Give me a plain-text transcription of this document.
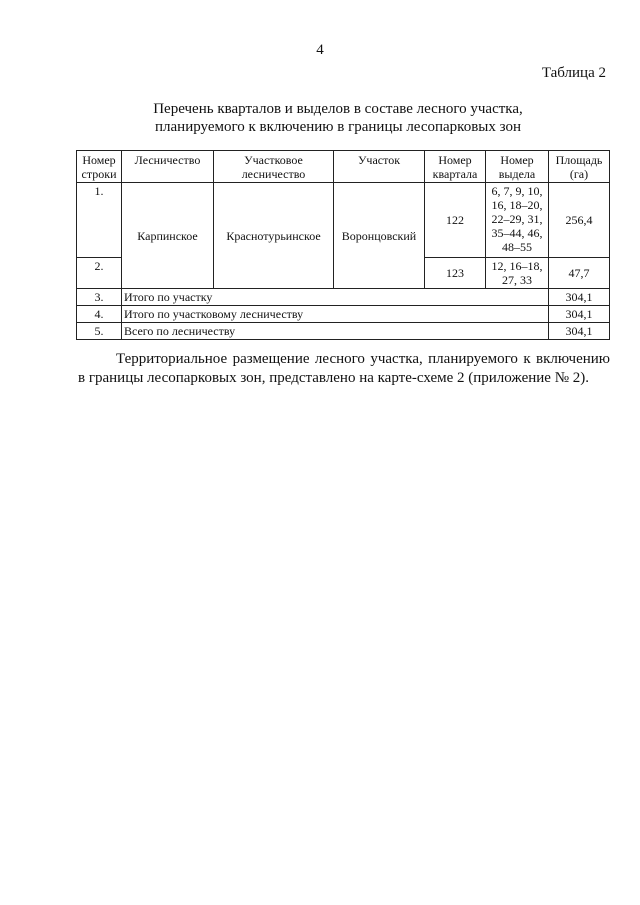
4
Таблица 2
Перечень кварталов и выделов в составе лесного участка,
планируемого к включению в границы лесопарковых зон
Номер строки	Лесничество	Участковое лесничество	Участок	Номер квартала	Номер выдела	Площадь (га)
1.	Карпинское	Краснотурьинское	Воронцовский	122	6, 7, 9, 10, 16, 18–20, 22–29, 31, 35–44, 46, 48–55	256,4
2.				123	12, 16–18, 27, 33	47,7
3.	Итого по участку					304,1
4.	Итого по участковому лесничеству					304,1
5.	Всего по лесничеству					304,1
Территориальное размещение лесного участка, планируемого к включению
в границы лесопарковых зон, представлено на карте-схеме 2 (приложение № 2).
